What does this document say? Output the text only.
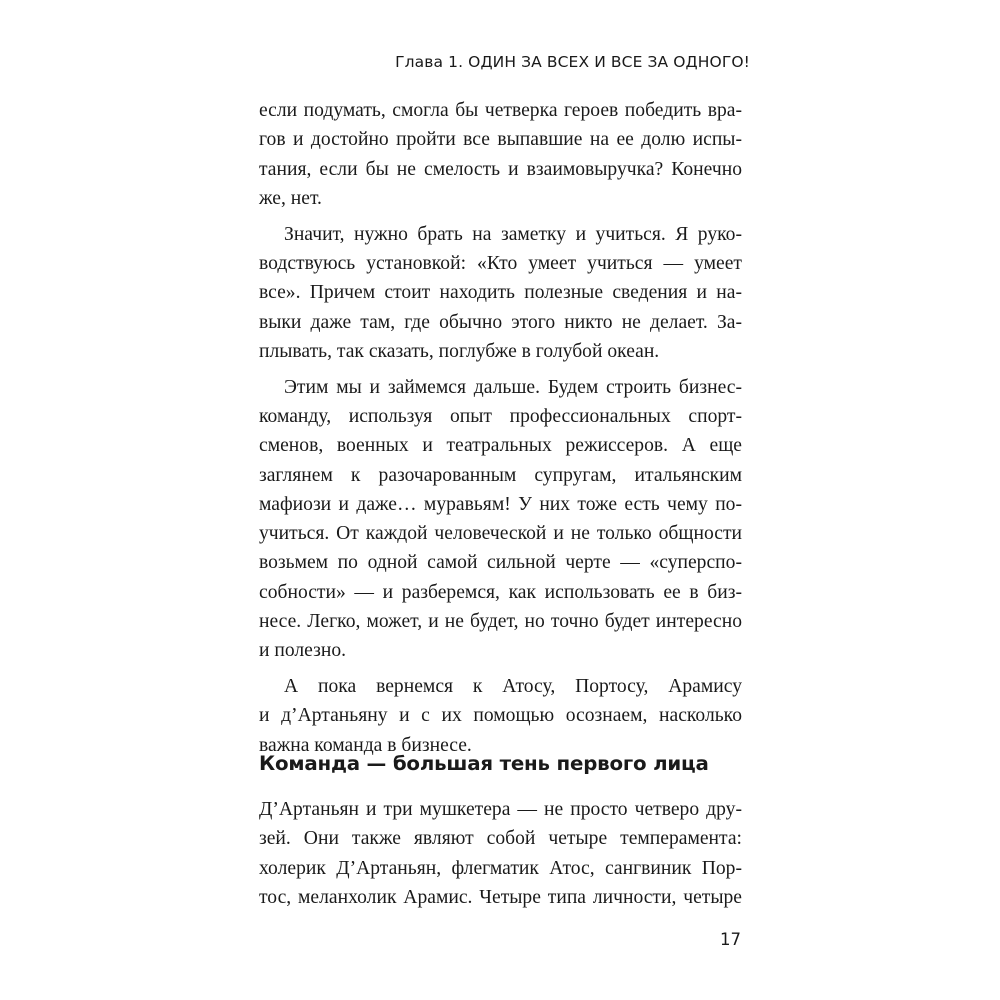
Глава 1. ОДИН ЗА ВСЕХ И ВСЕ ЗА ОДНОГО!
если подумать, смогла бы четверка героев победить вра-
гов и достойно пройти все выпавшие на ее долю испы-
тания, если бы не смелость и взаимовыручка? Конечно
же, нет.
Значит, нужно брать на заметку и учиться. Я руко-
водствуюсь установкой: «Кто умеет учиться — умеет
все». Причем стоит находить полезные сведения и на-
выки даже там, где обычно этого никто не делает. За-
плывать, так сказать, поглубже в голубой океан.
Этим мы и займемся дальше. Будем строить бизнес-
команду, используя опыт профессиональных спорт-
сменов, военных и театральных режиссеров. А еще
заглянем к разочарованным супругам, итальянским
мафиози и даже… муравьям! У них тоже есть чему по-
учиться. От каждой человеческой и не только общности
возьмем по одной самой сильной черте — «суперспо-
собности» — и разберемся, как использовать ее в биз-
несе. Легко, может, и не будет, но точно будет интересно
и полезно.
А пока вернемся к Атосу, Портосу, Арамису
и д’Артаньяну и с их помощью осознаем, насколько
важна команда в бизнесе.
Команда — большая тень первого лица
Д’Артаньян и три мушкетера — не просто четверо дру-
зей. Они также являют собой четыре темперамента:
холерик Д’Артаньян, флегматик Атос, сангвиник Пор-
тос, меланхолик Арамис. Четыре типа личности, четыре
17
